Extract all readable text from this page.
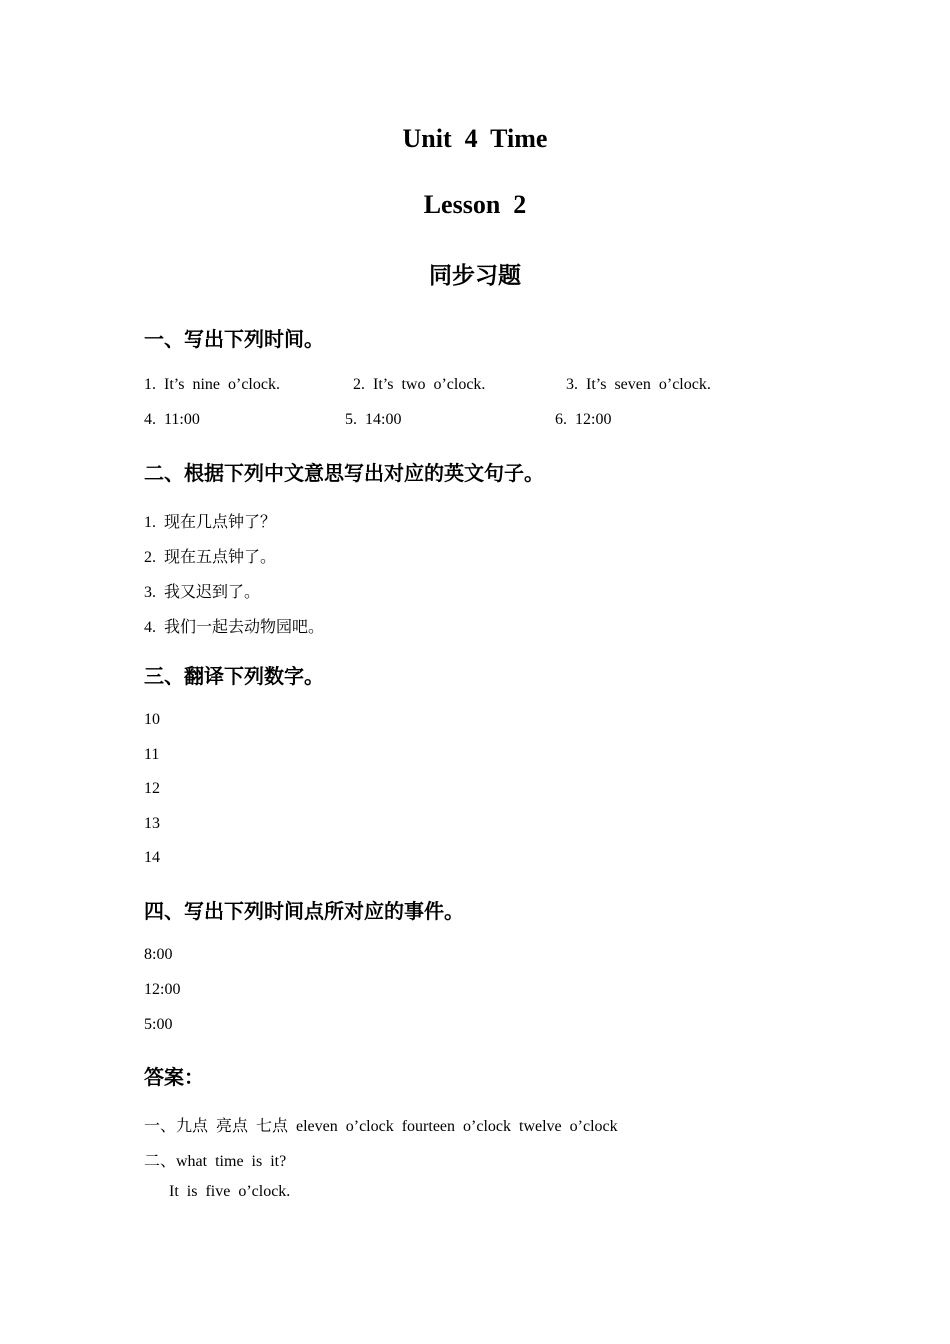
Unit  4  Time
Lesson  2
同步习题
一、写出下列时间。
1.  It’s  nine  o’clock.	2.  It’s  two  o’clock.	3.  It’s  seven  o’clock.
4.  11:00	5.  14:00	6.  12:00
二、根据下列中文意思写出对应的英文句子。
1.  现在几点钟了？
2.  现在五点钟了。
3.  我又迟到了。
4.  我们一起去动物园吧。
三、翻译下列数字。
10
11
12
13
14
四、写出下列时间点所对应的事件。
8:00
12:00
5:00
答案：
一、九点  亮点  七点  eleven  o’clock  fourteen  o’clock  twelve  o’clock
二、what  time  is  it?
It  is  five  o’clock.
